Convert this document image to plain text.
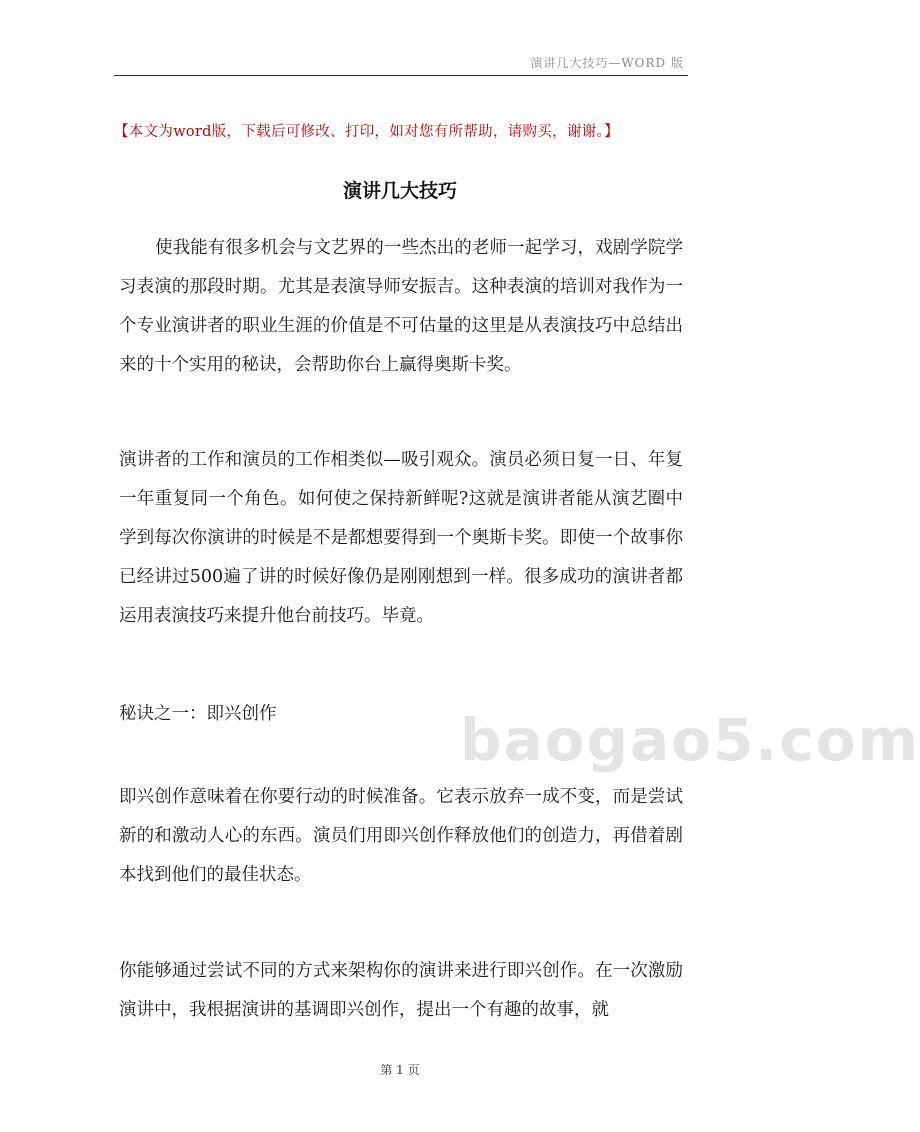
演讲几大技巧—WORD 版
【本文为word版，下载后可修改、打印，如对您有所帮助，请购买，谢谢。】
演讲几大技巧
baogao5.com
使我能有很多机会与文艺界的一些杰出的老师一起学习，戏剧学院学习表演的那段时期。尤其是表演导师安振吉。这种表演的培训对我作为一个专业演讲者的职业生涯的价值是不可估量的这里是从表演技巧中总结出来的十个实用的秘诀，会帮助你台上赢得奥斯卡奖。
演讲者的工作和演员的工作相类似—吸引观众。演员必须日复一日、年复一年重复同一个角色。如何使之保持新鲜呢?这就是演讲者能从演艺圈中学到每次你演讲的时候是不是都想要得到一个奥斯卡奖。即使一个故事你已经讲过500遍了讲的时候好像仍是刚刚想到一样。很多成功的演讲者都运用表演技巧来提升他台前技巧。毕竟。
秘诀之一：即兴创作
即兴创作意味着在你要行动的时候准备。它表示放弃一成不变，而是尝试新的和激动人心的东西。演员们用即兴创作释放他们的创造力，再借着剧本找到他们的最佳状态。
你能够通过尝试不同的方式来架构你的演讲来进行即兴创作。在一次激励演讲中，我根据演讲的基调即兴创作，提出一个有趣的故事，就
第 1 页
